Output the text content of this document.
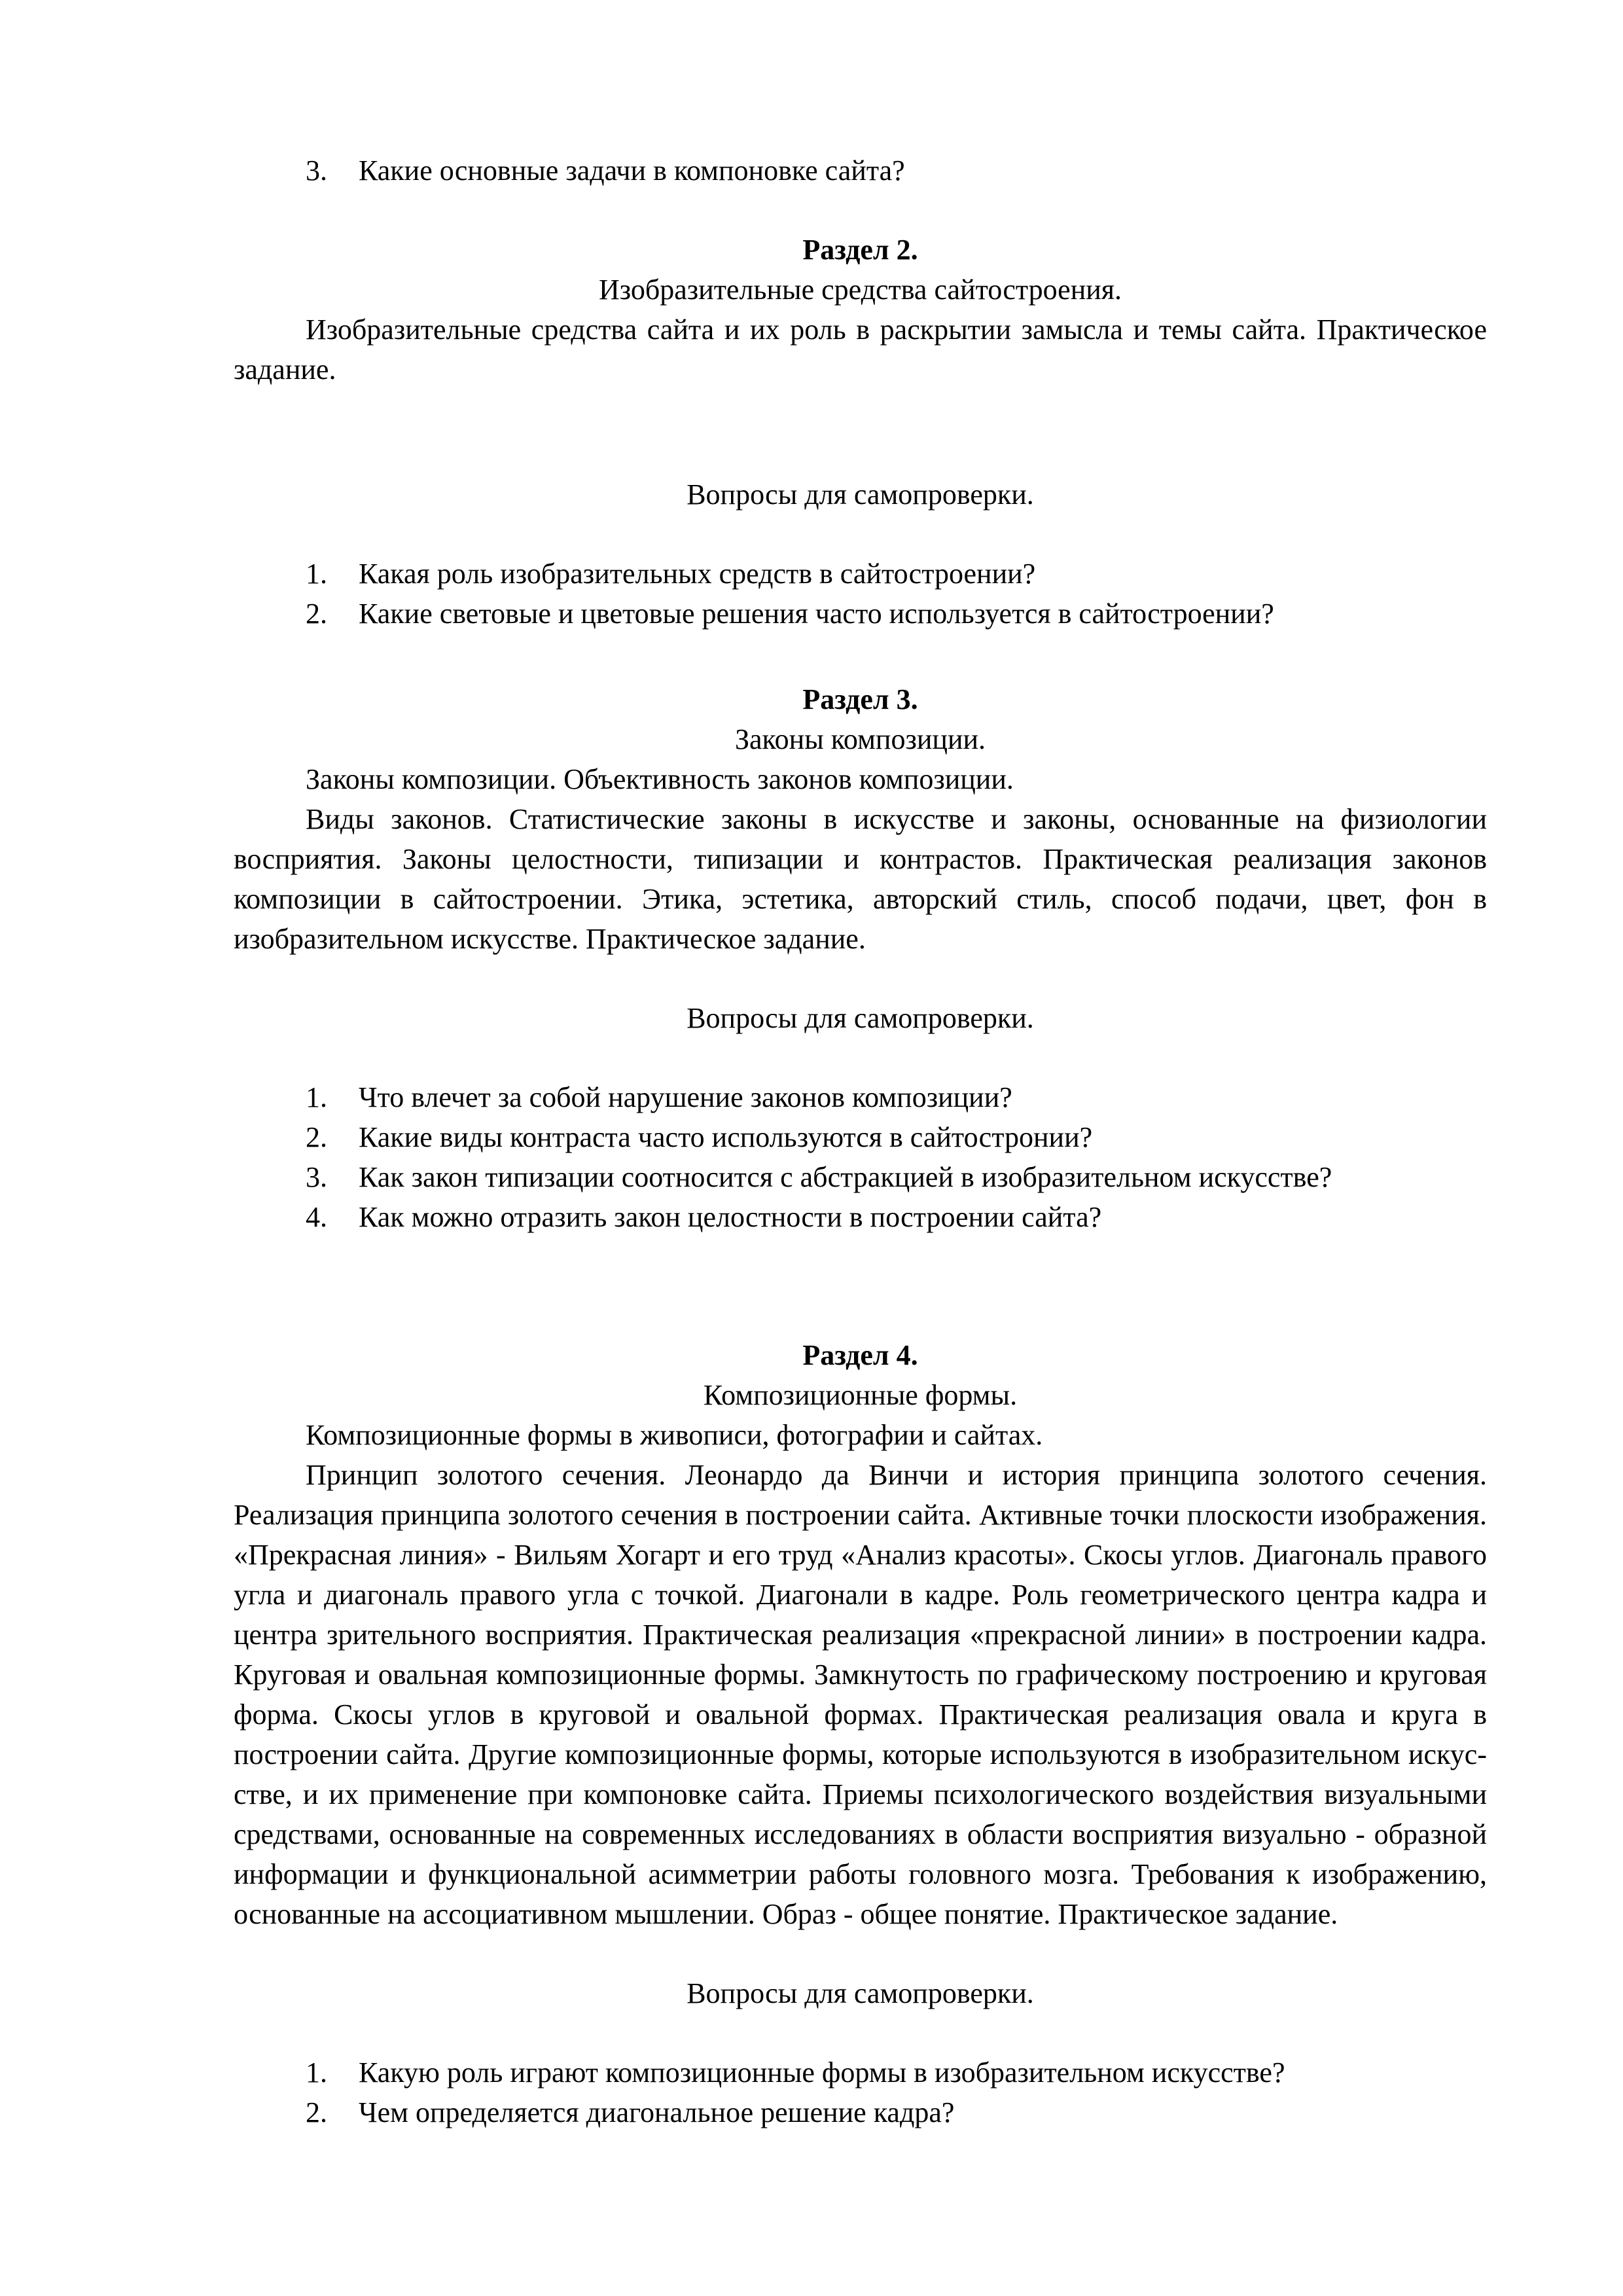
3. Какие основные задачи в компоновке сайта?

Раздел 2.

Изобразительные средства сайтостроения.

Изобразительные средства сайта и их роль в раскрытии замысла и темы сайта. Практическое задание.

Вопросы для самопроверки.

1. Какая роль изобразительных средств в сайтостроении?
2. Какие световые и цветовые решения часто используется в сайтостроении?

Раздел 3.

Законы композиции.

Законы композиции. Объективность законов композиции.

Виды законов. Статистические законы в искусстве и законы, основанные на физиологии восприятия. Законы целостности, типизации и контрастов. Практическая реализация законов композиции в сайтостроении. Этика, эстетика, авторский стиль, способ подачи, цвет, фон в изобразительном искусстве. Практическое задание.

Вопросы для самопроверки.

1. Что влечет за собой нарушение законов композиции?
2. Какие виды контраста часто используются в сайтостронии?
3. Как закон типизации соотносится с абстракцией в изобразительном искусстве?
4. Как можно отразить закон целостности в построении сайта?

Раздел 4.

Композиционные формы.

Композиционные формы в живописи, фотографии и сайтах.

Принцип золотого сечения. Леонардо да Винчи и история принципа золотого сечения. Реализация принципа золотого сечения в построении сайта. Активные точки плоскости изображения. «Прекрасная линия» - Вильям Хогарт и его труд «Анализ красоты». Скосы углов. Диагональ правого угла и диагональ правого угла с точкой. Диагонали в кадре. Роль геометрического центра кадра и центра зрительного восприятия. Практическая реализация «прекрасной линии» в построении кадра. Круговая и овальная композиционные формы. Замкнутость по графическому построению и круговая форма. Скосы углов в круговой и овальной формах. Практическая реализация овала и круга в построении сайта. Другие композиционные формы, которые используются в изобразительном искусстве, и их применение при компоновке сайта. Приемы психологического воздействия визуальными средствами, основанные на современных исследованиях в области восприятия визуально - образной информации и функциональной асимметрии работы головного мозга. Требования к изображению, основанные на ассоциативном мышлении. Образ - общее понятие. Практическое задание.

Вопросы для самопроверки.

1. Какую роль играют композиционные формы в изобразительном искусстве?
2. Чем определяется диагональное решение кадра?
